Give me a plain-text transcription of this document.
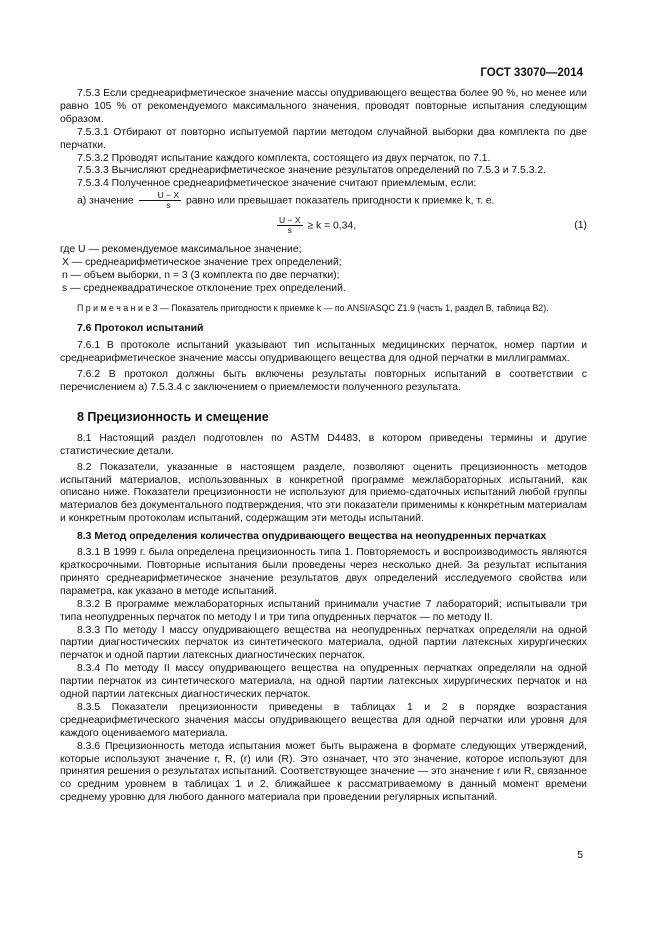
ГОСТ 33070—2014

7.5.3 Если среднеарифметическое значение массы опудривающего вещества более 90 %, но менее или равно 105 % от рекомендуемого максимального значения, проводят повторные испытания следующим образом.

7.5.3.1 Отбирают от повторно испытуемой партии методом случайной выборки два комплекта по две перчатки.

7.5.3.2 Проводят испытание каждого комплекта, состоящего из двух перчаток, по 7.1.

7.5.3.3 Вычисляют среднеарифметическое значение результатов определений по 7.5.3 и 7.5.3.2.

7.5.3.4 Полученное среднеарифметическое значение считают приемлемым, если:

а) значение $\frac{U - X}{s}$ равно или превышает показатель пригодности к приемке k, т. е.

$\frac{U - X}{s} \ge k = 0,34$,	(1)

где U — рекомендуемое максимальное значение;

X — среднеарифметическое значение трех определений;

n — объем выборки, n = 3 (3 комплекта по две перчатки);

s — среднеквадратическое отклонение трех определений.

П р и м е ч а н и е 3 — Показатель пригодности к приемке k — по ANSI/ASQC Z1.9 (часть 1, раздел В, таблица В2).

7.6 Протокол испытаний

7.6.1 В протоколе испытаний указывают тип испытанных медицинских перчаток, номер партии и среднеарифметическое значение массы опудривающего вещества для одной перчатки в миллиграммах.

7.6.2 В протокол должны быть включены результаты повторных испытаний в соответствии с перечислением а) 7.5.3.4 с заключением о приемлемости полученного результата.

8 Прецизионность и смещение

8.1 Настоящий раздел подготовлен по ASTM D4483, в котором приведены термины и другие статистические детали.

8.2 Показатели, указанные в настоящем разделе, позволяют оценить прецизионность методов испытаний материалов, использованных в конкретной программе межлабораторных испытаний, как описано ниже. Показатели прецизионности не используют для приемо-сдаточных испытаний любой группы материалов без документального подтверждения, что эти показатели применимы к конкретным материалам и конкретным протоколам испытаний, содержащим эти методы испытаний.

8.3 Метод определения количества опудривающего вещества на неопудренных перчатках

8.3.1 В 1999 г. была определена прецизионность типа 1. Повторяемость и воспроизводимость являются краткосрочными. Повторные испытания были проведены через несколько дней. За результат испытания принято среднеарифметическое значение результатов двух определений исследуемого свойства или параметра, как указано в методе испытаний.

8.3.2 В программе межлабораторных испытаний принимали участие 7 лабораторий; испытывали три типа неопудренных перчаток по методу I и три типа опудренных перчаток — по методу II.

8.3.3 По методу I массу опудривающего вещества на неопудренных перчатках определяли на одной партии диагностических перчаток из синтетического материала, одной партии латексных хирургических перчаток и одной партии латексных диагностических перчаток.

8.3.4 По методу II массу опудривающего вещества на опудренных перчатках определяли на одной партии перчаток из синтетического материала, на одной партии латексных хирургических перчаток и на одной партии латексных диагностических перчаток.

8.3.5 Показатели прецизионности приведены в таблицах 1 и 2 в порядке возрастания среднеарифметического значения массы опудривающего вещества для одной перчатки или уровня для каждого оцениваемого материала.

8.3.6 Прецизионность метода испытания может быть выражена в формате следующих утверждений, которые используют значение r, R, (r) или (R). Это означает, что это значение, которое используют для принятия решения о результатах испытаний. Соответствующее значение — это значение r или R, связанное со средним уровнем в таблицах 1 и 2, ближайшее к рассматриваемому в данный момент времени среднему уровню для любого данного материала при проведении регулярных испытаний.

5
